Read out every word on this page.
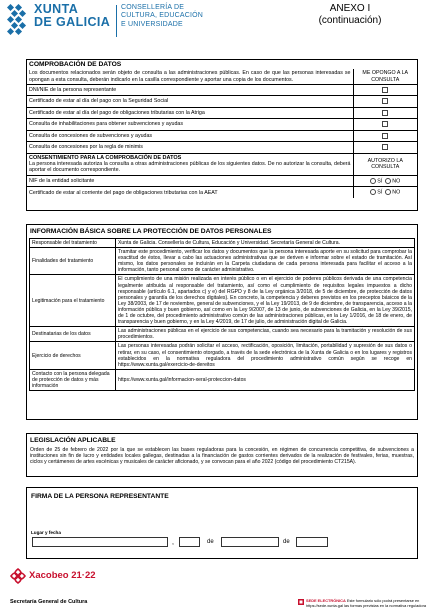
XUNTA
DE GALICIA
CONSELLERÍA DE
CULTURA, EDUCACIÓN
E UNIVERSIDADE
ANEXO I
(continuación)
COMPROBACIÓN DE DATOS	
Los documentos relacionados serán objeto de consulta a las administraciones públicas. En caso de que las personas interesadas se opongan a esta consulta, deberán indicarlo en la casilla correspondiente y aportar una copia de los documentos.	ME OPONGO A LA CONSULTA
DNI/NIE de la persona representante	
Certificado de estar al día del pago con la Seguridad Social	
Certificado de estar al día del pago de obligaciones tributarias con la Atriga	
Consulta de inhabilitaciones para obtener subvenciones y ayudas	
Consulta de concesiones de subvenciones y ayudas	
Consulta de concesiones por la regla de minimis	

CONSENTIMIENTO PARA LA COMPROBACIÓN DE DATOS
La persona interesada autoriza la consulta a otras administraciones públicas de los siguientes datos. De no autorizar la consulta, deberá aportar el documento correspondiente.	AUTORIZO LA CONSULTA
NIF de la entidad solicitante	SÍ NO
Certificado de estar al corriente del pago de obligaciones tributarias con la AEAT	SÍ NO
INFORMACIÓN BÁSICA SOBRE LA PROTECCIÓN DE DATOS PERSONALES
Responsable del tratamiento	Xunta de Galicia. Consellería de Cultura, Educación y Universidad. Secretaría General de Cultura.
Finalidades del tratamiento	Tramitar este procedimiento, verificar los datos y documentos que la persona interesada aporte en su solicitud para comprobar la exactitud de éstos, llevar a cabo las actuaciones administrativas que se deriven e informar sobre el estado de tramitación. Así mismo, los datos personales se incluirán en la Carpeta ciudadana de cada persona interesada para facilitar el acceso a la información, tanto personal como de carácter administrativo.
Legitimación para el tratamiento	El cumplimiento de una misión realizada en interés público o en el ejercicio de poderes públicos derivada de una competencia legalmente atribuida al responsable del tratamiento, así como el cumplimiento de requisitos legales impuestos a dicho responsable (artículo 6.1, apartados c) y e) del RGPD y 8 de la Ley orgánica 3/2018, de 5 de diciembre, de protección de datos personales y garantía de los derechos digitales). En concreto, la competencia y deberes previstos en los preceptos básicos de la Ley 38/2003, de 17 de noviembre, general de subvenciones, y el la Ley 19/2013, de 9 de diciembre, de transparencia, acceso a la información pública y buen gobierno, así como en la Ley 9/2007, de 13 de junio, de subvenciones de Galicia, en la Ley 39/2015, de 1 de octubre, del procedimiento administrativo común de las administraciones públicas, en la Ley 1/2016, de 18 de enero, de transparencia y buen gobierno, y en la Ley 4/2019, de 17 de julio, de administración digital de Galicia.
Destinatarias de los datos	Las administraciones públicas en el ejercicio de sus competencias, cuando sea necesario para la tramitación y resolución de sus procedimientos.
Ejercicio de derechos	Las personas interesadas podrán solicitar el acceso, rectificación, oposición, limitación, portabilidad y supresión de sus datos o retirar, en su caso, el consentimiento otorgado, a través de la sede electrónica de la Xunta de Galicia o en los lugares y registros establecidos en la normativa reguladora del procedimiento administrativo común según se recoge en https://www.xunta.gal/exercicio-de-dereitos
Contacto con la persona delegada de protección de datos y más información	https://www.xunta.gal/informacion-xeral-proteccion-datos
LEGISLACIÓN APLICABLE
Orden de 25 de febrero de 2022 por la que se establecen las bases reguladoras para la concesión, en régimen de concurrencia competitiva, de subvenciones a instituciones sin fin de lucro y entidades locales gallegas, destinadas a la financiación de gastos corrientes derivados de la realización de festivales, ferias, muestras, ciclos y certámenes de artes escénicas y musicales de carácter aficionado, y se convocan para el año 2022 (código del procedimiento CT215A).
FIRMA DE LA PERSONA REPRESENTANTE
Lugar y fecha
,	de	de
Xacobeo 21·22
Secretaría General de Cultura	SEDE ELECTRÓNICA Este formulario sólo podrá presentarse en
https://sede.xunta.gal las formas previstas en la normativa reguladora
